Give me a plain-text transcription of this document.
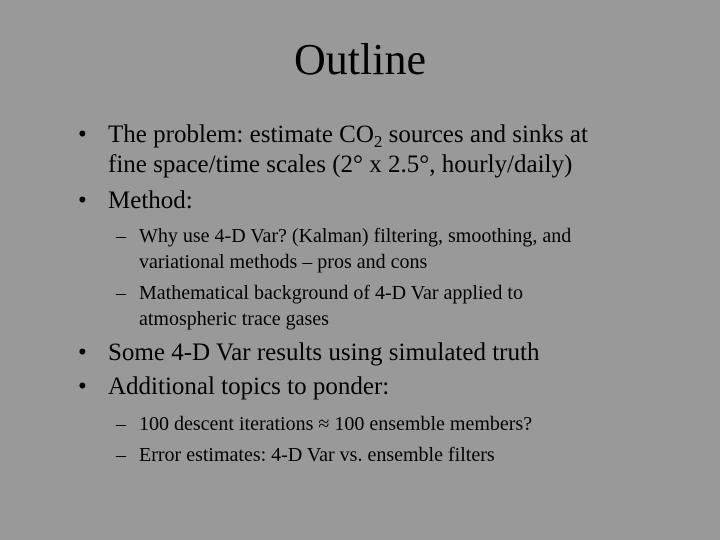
Outline
• The problem: estimate $CO_2$ sources and sinks at
fine space/time scales (2° x 2.5°, hourly/daily)
• Method:
– Why use 4-D Var? (Kalman) filtering, smoothing, and
variational methods – pros and cons
– Mathematical background of 4-D Var applied to
atmospheric trace gases
• Some 4-D Var results using simulated truth
• Additional topics to ponder:
– 100 descent iterations ≈ 100 ensemble members?
– Error estimates: 4-D Var vs. ensemble filters
